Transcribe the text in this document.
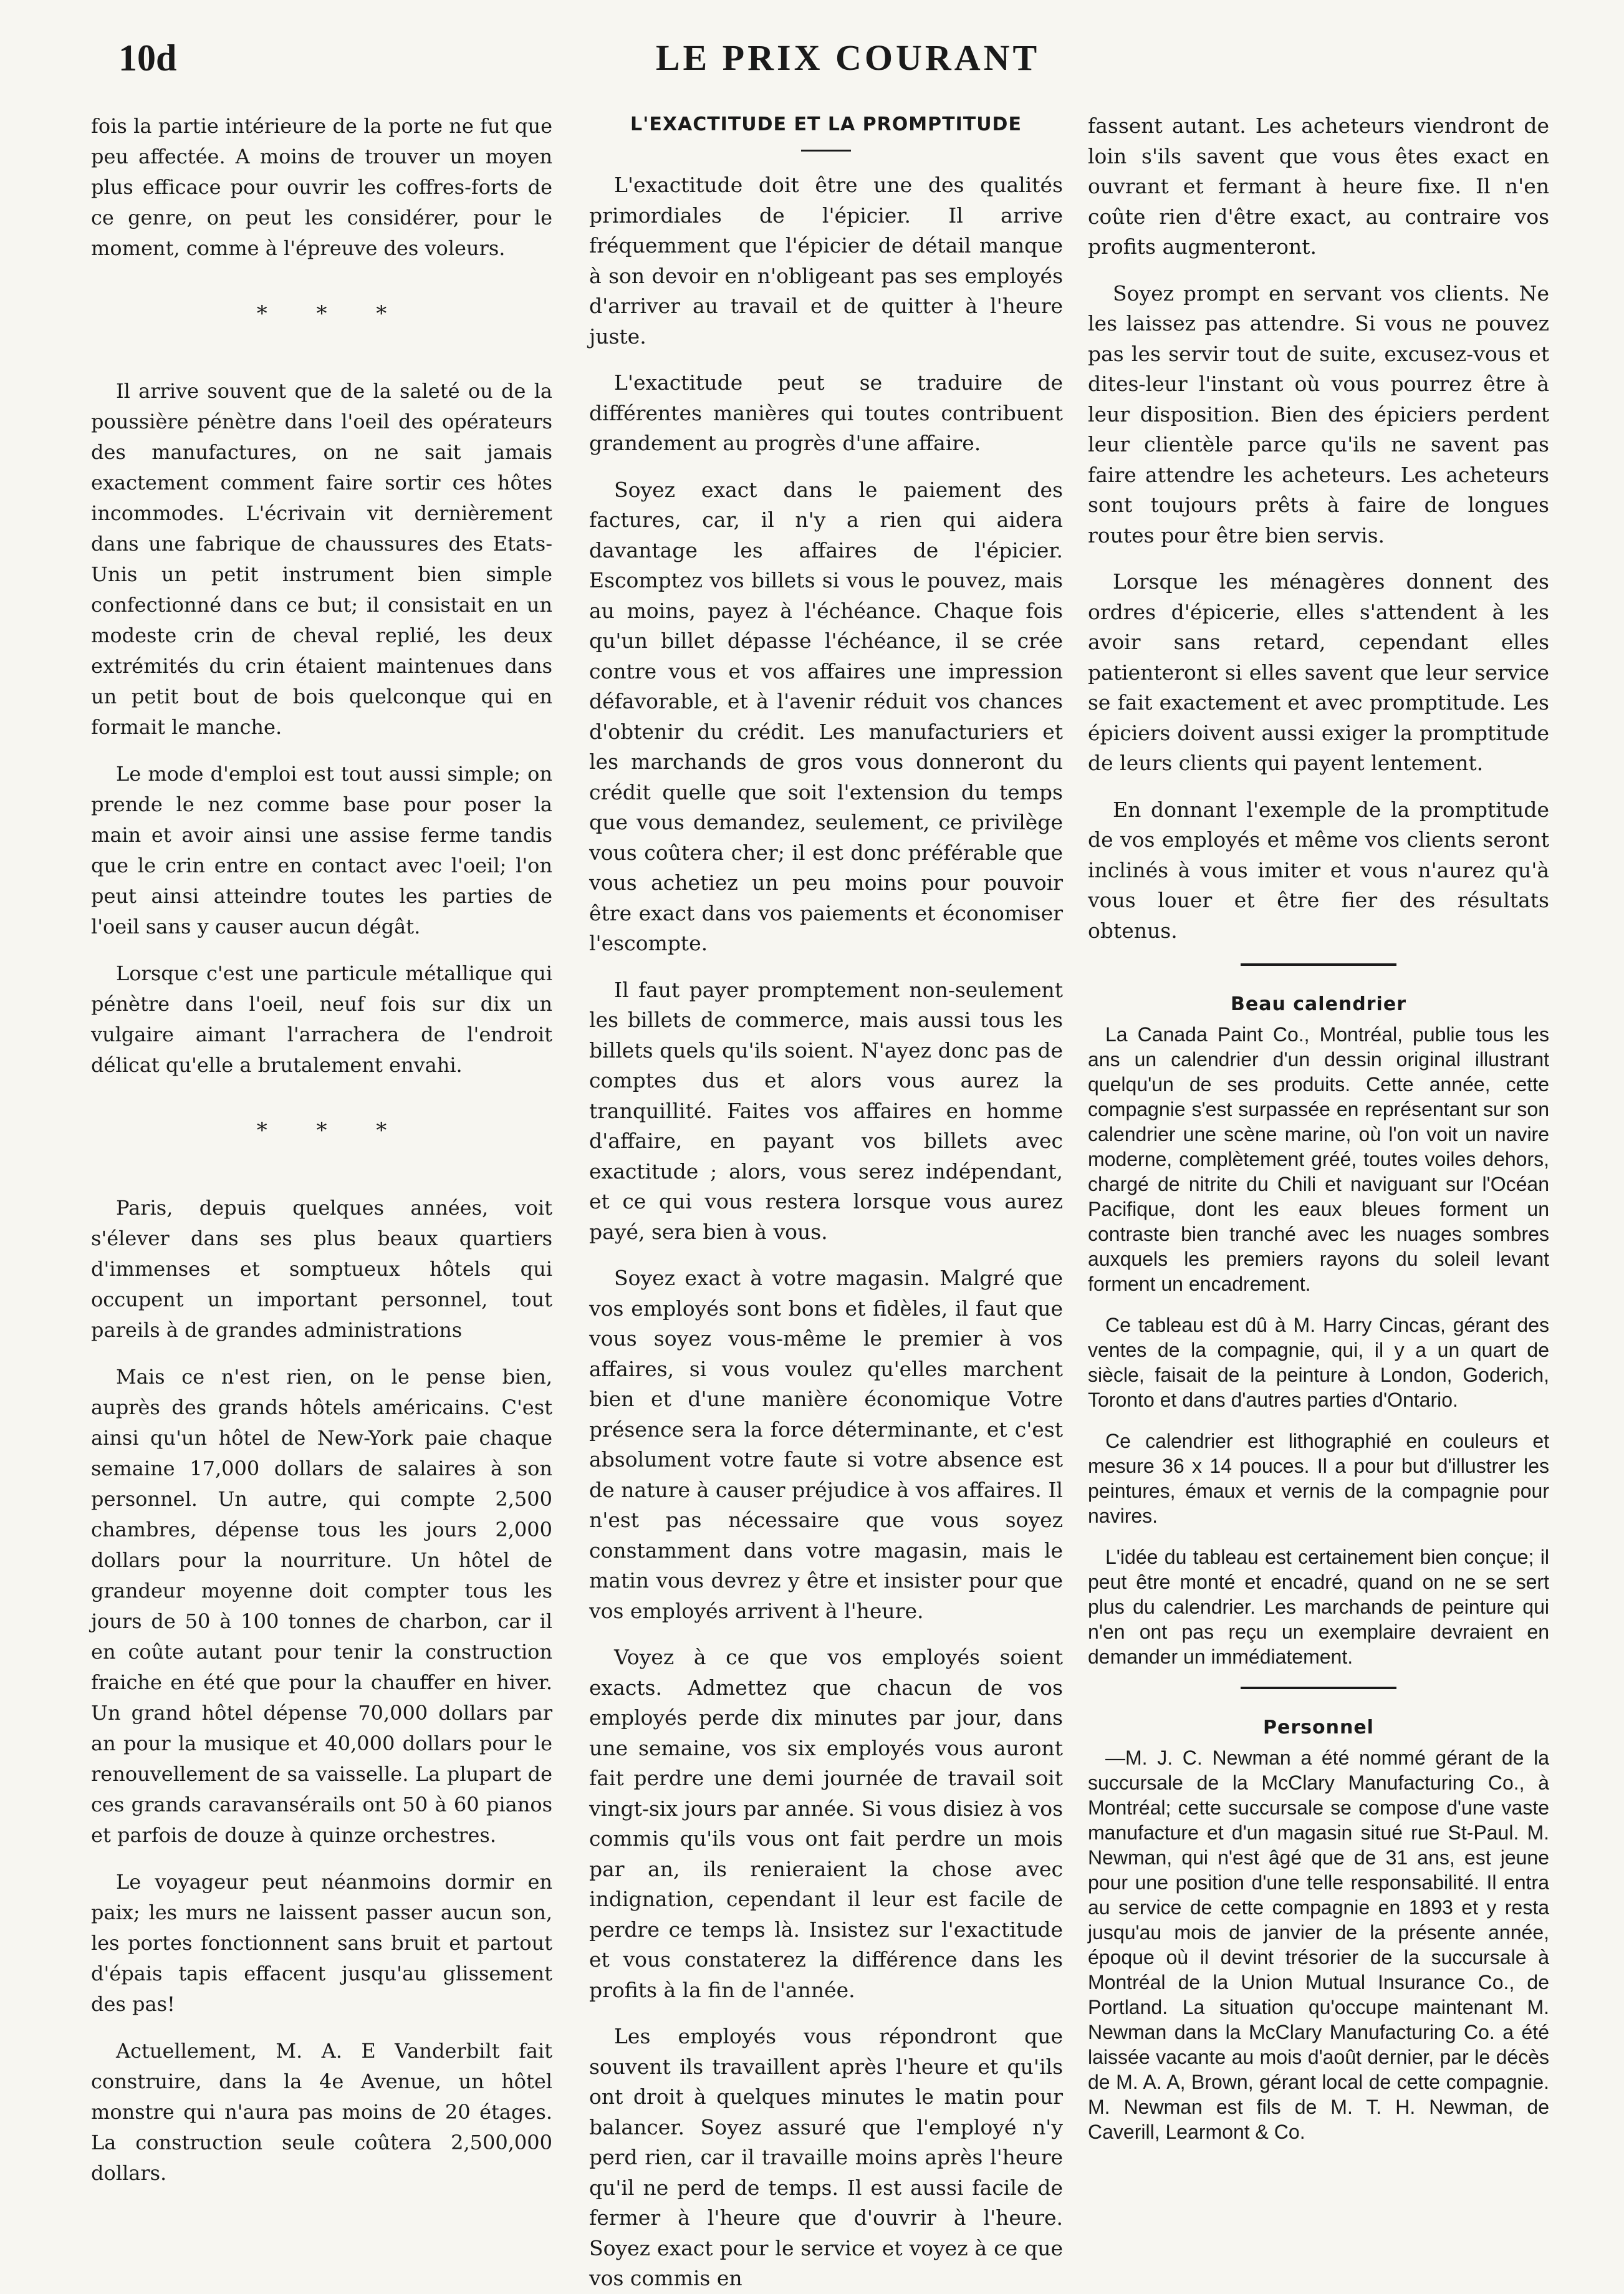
10d	LE PRIX COURANT

fois la partie intérieure de la porte ne fut que peu affectée. A moins de trouver un moyen plus efficace pour ouvrir les coffres-forts de ce genre, on peut les considérer, pour le moment, comme à l'épreuve des voleurs.

* * *

Il arrive souvent que de la saleté ou de la poussière pénètre dans l'oeil des opérateurs des manufactures, on ne sait jamais exactement comment faire sortir ces hôtes incommodes. L'écrivain vit dernièrement dans une fabrique de chaussures des Etats-Unis un petit instrument bien simple confectionné dans ce but; il consistait en un modeste crin de cheval replié, les deux extrémités du crin étaient maintenues dans un petit bout de bois quelconque qui en formait le manche.

Le mode d'emploi est tout aussi simple; on prende le nez comme base pour poser la main et avoir ainsi une assise ferme tandis que le crin entre en contact avec l'oeil; l'on peut ainsi atteindre toutes les parties de l'oeil sans y causer aucun dégât.

Lorsque c'est une particule métallique qui pénètre dans l'oeil, neuf fois sur dix un vulgaire aimant l'arrachera de l'endroit délicat qu'elle a brutalement envahi.

* * *

Paris, depuis quelques années, voit s'élever dans ses plus beaux quartiers d'immenses et somptueux hôtels qui occupent un important personnel, tout pareils à de grandes administrations

Mais ce n'est rien, on le pense bien, auprès des grands hôtels américains. C'est ainsi qu'un hôtel de New-York paie chaque semaine 17,000 dollars de salaires à son personnel. Un autre, qui compte 2,500 chambres, dépense tous les jours 2,000 dollars pour la nourriture. Un hôtel de grandeur moyenne doit compter tous les jours de 50 à 100 tonnes de charbon, car il en coûte autant pour tenir la construction fraiche en été que pour la chauffer en hiver. Un grand hôtel dépense 70,000 dollars par an pour la musique et 40,000 dollars pour le renouvellement de sa vaisselle. La plupart de ces grands caravansérails ont 50 à 60 pianos et parfois de douze à quinze orchestres.

Le voyageur peut néanmoins dormir en paix; les murs ne laissent passer aucun son, les portes fonctionnent sans bruit et partout d'épais tapis effacent jusqu'au glissement des pas!

Actuellement, M. A. E Vanderbilt fait construire, dans la 4e Avenue, un hôtel monstre qui n'aura pas moins de 20 étages. La construction seule coûtera 2,500,000 dollars.

L'EXACTITUDE ET LA PROMPTITUDE

L'exactitude doit être une des qualités primordiales de l'épicier. Il arrive fréquemment que l'épicier de détail manque à son devoir en n'obligeant pas ses employés d'arriver au travail et de quitter à l'heure juste.

L'exactitude peut se traduire de différentes manières qui toutes contribuent grandement au progrès d'une affaire.

Soyez exact dans le paiement des factures, car, il n'y a rien qui aidera davantage les affaires de l'épicier. Escomptez vos billets si vous le pouvez, mais au moins, payez à l'échéance. Chaque fois qu'un billet dépasse l'échéance, il se crée contre vous et vos affaires une impression défavorable, et à l'avenir réduit vos chances d'obtenir du crédit. Les manufacturiers et les marchands de gros vous donneront du crédit quelle que soit l'extension du temps que vous demandez, seulement, ce privilège vous coûtera cher; il est donc préférable que vous achetiez un peu moins pour pouvoir être exact dans vos paiements et économiser l'escompte.

Il faut payer promptement non-seulement les billets de commerce, mais aussi tous les billets quels qu'ils soient. N'ayez donc pas de comptes dus et alors vous aurez la tranquillité. Faites vos affaires en homme d'affaire, en payant vos billets avec exactitude ; alors, vous serez indépendant, et ce qui vous restera lorsque vous aurez payé, sera bien à vous.

Soyez exact à votre magasin. Malgré que vos employés sont bons et fidèles, il faut que vous soyez vous-même le premier à vos affaires, si vous voulez qu'elles marchent bien et d'une manière économique Votre présence sera la force déterminante, et c'est absolument votre faute si votre absence est de nature à causer préjudice à vos affaires. Il n'est pas nécessaire que vous soyez constamment dans votre magasin, mais le matin vous devrez y être et insister pour que vos employés arrivent à l'heure.

Voyez à ce que vos employés soient exacts. Admettez que chacun de vos employés perde dix minutes par jour, dans une semaine, vos six employés vous auront fait perdre une demi journée de travail soit vingt-six jours par année. Si vous disiez à vos commis qu'ils vous ont fait perdre un mois par an, ils renieraient la chose avec indignation, cependant il leur est facile de perdre ce temps là. Insistez sur l'exactitude et vous constaterez la différence dans les profits à la fin de l'année.

Les employés vous répondront que souvent ils travaillent après l'heure et qu'ils ont droit à quelques minutes le matin pour balancer. Soyez assuré que l'employé n'y perd rien, car il travaille moins après l'heure qu'il ne perd de temps. Il est aussi facile de fermer à l'heure que d'ouvrir à l'heure. Soyez exact pour le service et voyez à ce que vos commis en

fassent autant. Les acheteurs viendront de loin s'ils savent que vous êtes exact en ouvrant et fermant à heure fixe. Il n'en coûte rien d'être exact, au contraire vos profits augmenteront.

Soyez prompt en servant vos clients. Ne les laissez pas attendre. Si vous ne pouvez pas les servir tout de suite, excusez-vous et dites-leur l'instant où vous pourrez être à leur disposition. Bien des épiciers perdent leur clientèle parce qu'ils ne savent pas faire attendre les acheteurs. Les acheteurs sont toujours prêts à faire de longues routes pour être bien servis.

Lorsque les ménagères donnent des ordres d'épicerie, elles s'attendent à les avoir sans retard, cependant elles patienteront si elles savent que leur service se fait exactement et avec promptitude. Les épiciers doivent aussi exiger la promptitude de leurs clients qui payent lentement.

En donnant l'exemple de la promptitude de vos employés et même vos clients seront inclinés à vous imiter et vous n'aurez qu'à vous louer et être fier des résultats obtenus.

Beau calendrier

La Canada Paint Co., Montréal, publie tous les ans un calendrier d'un dessin original illustrant quelqu'un de ses produits. Cette année, cette compagnie s'est surpassée en représentant sur son calendrier une scène marine, où l'on voit un navire moderne, complètement gréé, toutes voiles dehors, chargé de nitrite du Chili et naviguant sur l'Océan Pacifique, dont les eaux bleues forment un contraste bien tranché avec les nuages sombres auxquels les premiers rayons du soleil levant forment un encadrement.

Ce tableau est dû à M. Harry Cincas, gérant des ventes de la compagnie, qui, il y a un quart de siècle, faisait de la peinture à London, Goderich, Toronto et dans d'autres parties d'Ontario.

Ce calendrier est lithographié en couleurs et mesure 36 x 14 pouces. Il a pour but d'illustrer les peintures, émaux et vernis de la compagnie pour navires.

L'idée du tableau est certainement bien conçue; il peut être monté et encadré, quand on ne se sert plus du calendrier. Les marchands de peinture qui n'en ont pas reçu un exemplaire devraient en demander un immédiatement.

Personnel

—M. J. C. Newman a été nommé gérant de la succursale de la McClary Manufacturing Co., à Montréal; cette succursale se compose d'une vaste manufacture et d'un magasin situé rue St-Paul. M. Newman, qui n'est âgé que de 31 ans, est jeune pour une position d'une telle responsabilité. Il entra au service de cette compagnie en 1893 et y resta jusqu'au mois de janvier de la présente année, époque où il devint trésorier de la succursale à Montréal de la Union Mutual Insurance Co., de Portland. La situation qu'occupe maintenant M. Newman dans la McClary Manufacturing Co. a été laissée vacante au mois d'août dernier, par le décès de M. A. A, Brown, gérant local de cette compagnie. M. Newman est fils de M. T. H. Newman, de Caverill, Learmont & Co.
